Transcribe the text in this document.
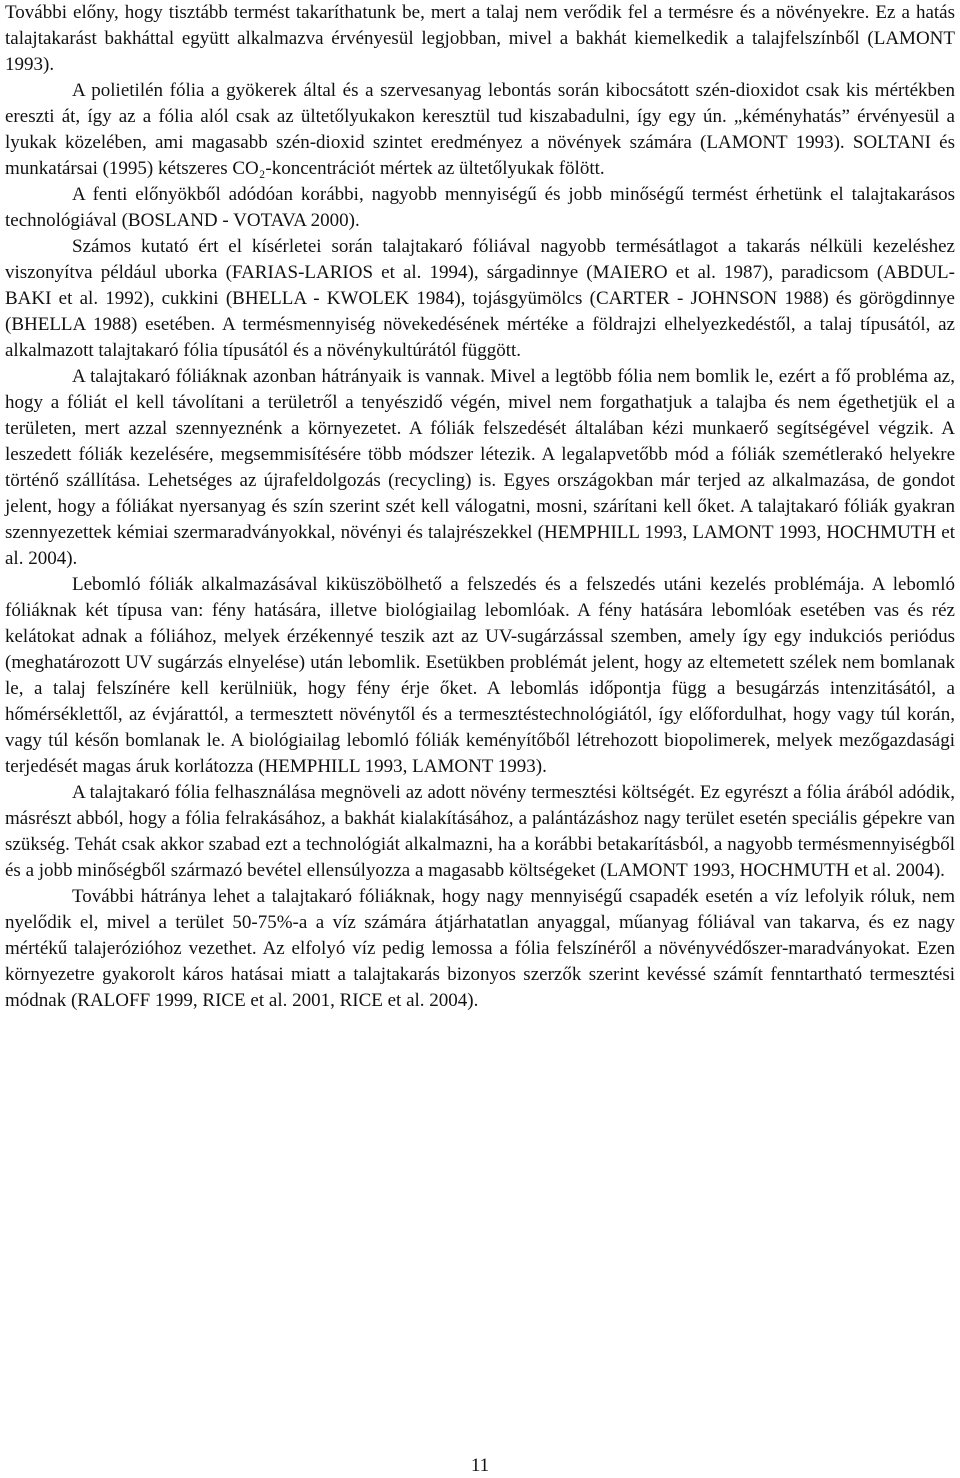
További előny, hogy tisztább termést takaríthatunk be, mert a talaj nem verődik fel a termésre és a növényekre. Ez a hatás talajtakarást bakháttal együtt alkalmazva érvényesül legjobban, mivel a bakhát kiemelkedik a talajfelszínből (LAMONT 1993).

A polietilén fólia a gyökerek által és a szervesanyag lebontás során kibocsátott szén-dioxidot csak kis mértékben ereszti át, így az a fólia alól csak az ültetőlyukakon keresztül tud kiszabadulni, így egy ún. „kéményhatás” érvényesül a lyukak közelében, ami magasabb szén-dioxid szintet eredményez a növények számára (LAMONT 1993). SOLTANI és munkatársai (1995) kétszeres CO₂-koncentrációt mértek az ültetőlyukak fölött.

A fenti előnyökből adódóan korábbi, nagyobb mennyiségű és jobb minőségű termést érhetünk el talajtakarásos technológiával (BOSLAND - VOTAVA 2000).

Számos kutató ért el kísérletei során talajtakaró fóliával nagyobb termésátlagot a takarás nélküli kezeléshez viszonyítva például uborka (FARIAS-LARIOS et al. 1994), sárgadinnye (MAIERO et al. 1987), paradicsom (ABDUL-BAKI et al. 1992), cukkini (BHELLA - KWOLEK 1984), tojásgyümölcs (CARTER - JOHNSON 1988) és görögdinnye (BHELLA 1988) esetében. A termésmennyiség növekedésének mértéke a földrajzi elhelyezkedéstől, a talaj típusától, az alkalmazott talajtakaró fólia típusától és a növénykultúrától függött.

A talajtakaró fóliáknak azonban hátrányaik is vannak. Mivel a legtöbb fólia nem bomlik le, ezért a fő probléma az, hogy a fóliát el kell távolítani a területről a tenyészidő végén, mivel nem forgathatjuk a talajba és nem égethetjük el a területen, mert azzal szennyeznénk a környezetet. A fóliák felszedését általában kézi munkaerő segítségével végzik. A leszedett fóliák kezelésére, megsemmisítésére több módszer létezik. A legalapvetőbb mód a fóliák szemétlerakó helyekre történő szállítása. Lehetséges az újrafeldolgozás (recycling) is. Egyes országokban már terjed az alkalmazása, de gondot jelent, hogy a fóliákat nyersanyag és szín szerint szét kell válogatni, mosni, szárítani kell őket. A talajtakaró fóliák gyakran szennyezettek kémiai szermaradványokkal, növényi és talajrészekkel (HEMPHILL 1993, LAMONT 1993, HOCHMUTH et al. 2004).

Lebomló fóliák alkalmazásával kiküszöbölhető a felszedés és a felszedés utáni kezelés problémája. A lebomló fóliáknak két típusa van: fény hatására, illetve biológiailag lebomlóak. A fény hatására lebomlóak esetében vas és réz kelátokat adnak a fóliához, melyek érzékennyé teszik azt az UV-sugárzással szemben, amely így egy indukciós periódus (meghatározott UV sugárzás elnyelése) után lebomlik. Esetükben problémát jelent, hogy az eltemetett szélek nem bomlanak le, a talaj felszínére kell kerülniük, hogy fény érje őket. A lebomlás időpontja függ a besugárzás intenzitásától, a hőmérséklettől, az évjárattól, a termesztett növénytől és a termesztéstechnológiától, így előfordulhat, hogy vagy túl korán, vagy túl későn bomlanak le. A biológiailag lebomló fóliák keményítőből létrehozott biopolimerek, melyek mezőgazdasági terjedését magas áruk korlátozza (HEMPHILL 1993, LAMONT 1993).

A talajtakaró fólia felhasználása megnöveli az adott növény termesztési költségét. Ez egyrészt a fólia árából adódik, másrészt abból, hogy a fólia felrakásához, a bakhát kialakításához, a palántázáshoz nagy terület esetén speciális gépekre van szükség. Tehát csak akkor szabad ezt a technológiát alkalmazni, ha a korábbi betakarításból, a nagyobb termésmennyiségből és a jobb minőségből származó bevétel ellensúlyozza a magasabb költségeket (LAMONT 1993, HOCHMUTH et al. 2004).

További hátránya lehet a talajtakaró fóliáknak, hogy nagy mennyiségű csapadék esetén a víz lefolyik róluk, nem nyelődik el, mivel a terület 50-75%-a a víz számára átjárhatatlan anyaggal, műanyag fóliával van takarva, és ez nagy mértékű talajerózióhoz vezethet. Az elfolyó víz pedig lemossa a fólia felszínéről a növényvédőszer-maradványokat. Ezen környezetre gyakorolt káros hatásai miatt a talajtakarás bizonyos szerzők szerint kevéssé számít fenntartható termesztési módnak (RALOFF 1999, RICE et al. 2001, RICE et al. 2004).

11
